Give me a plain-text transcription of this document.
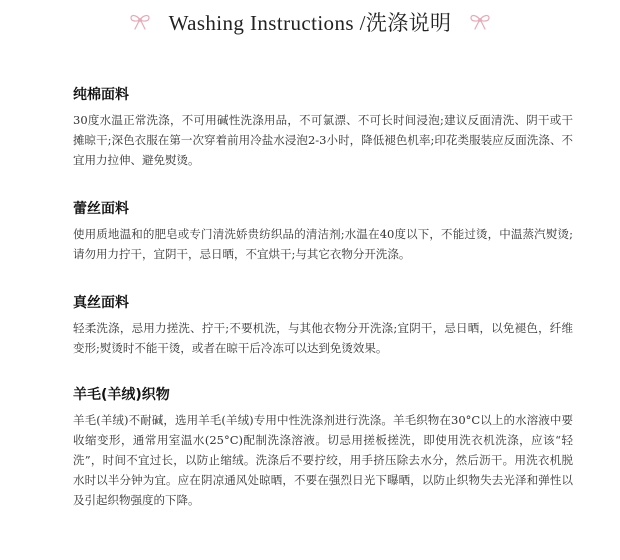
Washing Instructions /洗涤说明
纯棉面料

30度水温正常洗涤，不可用碱性洗涤用品，不可氯漂、不可长时间浸泡;建议反面清洗、阴干或干摊晾干;深色衣服在第一次穿着前用冷盐水浸泡2-3小时，降低褪色机率;印花类服装应反面洗涤、不宜用力拉伸、避免熨烫。

蕾丝面料

使用质地温和的肥皂或专门清洗娇贵纺织品的清洁剂;水温在40度以下，不能过烫，中温蒸汽熨烫;请勿用力拧干，宜阴干，忌日晒，不宜烘干;与其它衣物分开洗涤。

真丝面料

轻柔洗涤，忌用力搓洗、拧干;不要机洗，与其他衣物分开洗涤;宜阴干，忌日晒，以免褪色，纤维变形;熨烫时不能干烫，或者在晾干后冷冻可以达到免烫效果。

羊毛(羊绒)织物

羊毛(羊绒)不耐碱，选用羊毛(羊绒)专用中性洗涤剂进行洗涤。羊毛织物在30°C以上的水溶液中要收缩变形，通常用室温水(25°C)配制洗涤溶液。切忌用搓板搓洗，即使用洗衣机洗涤，应该“轻洗”，时间不宜过长，以防止缩绒。洗涤后不要拧绞，用手挤压除去水分，然后沥干。用洗衣机脱水时以半分钟为宜。应在阴凉通风处晾晒，不要在强烈日光下曝晒，以防止织物失去光泽和弹性以及引起织物强度的下降。
